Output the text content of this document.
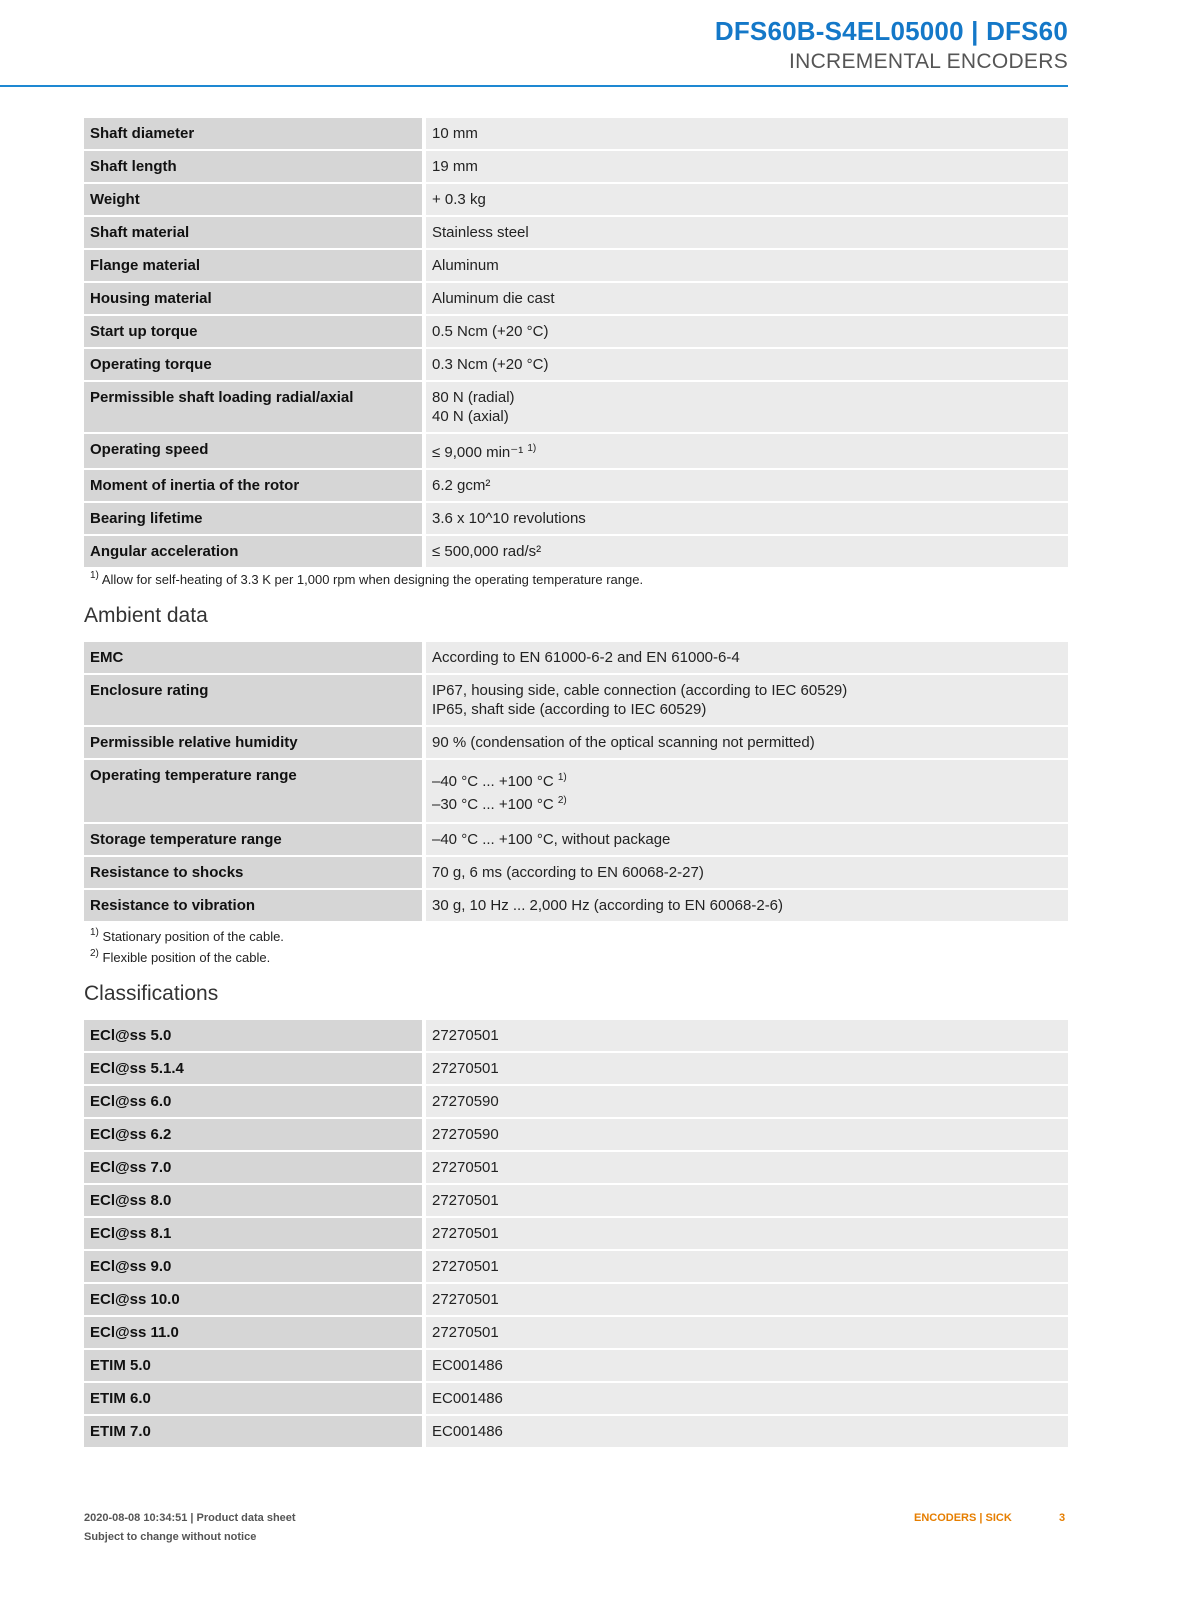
DFS60B-S4EL05000 | DFS60
INCREMENTAL ENCODERS
Shaft diameter	10 mm
Shaft length	19 mm
Weight	+ 0.3 kg
Shaft material	Stainless steel
Flange material	Aluminum
Housing material	Aluminum die cast
Start up torque	0.5 Ncm (+20 °C)
Operating torque	0.3 Ncm (+20 °C)
Permissible shaft loading radial/axial	80 N (radial)
40 N (axial)

Operating speed	≤ 9,000 min⁻¹ $^{1)}$
Moment of inertia of the rotor	6.2 gcm²
Bearing lifetime	3.6 x 10^10 revolutions
Angular acceleration	≤ 500,000 rad/s²
$^{1)}$ Allow for self-heating of 3.3 K per 1,000 rpm when designing the operating temperature range.
Ambient data
EMC	According to EN 61000-6-2 and EN 61000-6-4
Enclosure rating	IP67, housing side, cable connection (according to IEC 60529)
IP65, shaft side (according to IEC 60529)

Permissible relative humidity	90 % (condensation of the optical scanning not permitted)
Operating temperature range	–40 °C ... +100 °C $^{1)}$
–30 °C ... +100 °C $^{2)}$

Storage temperature range	–40 °C ... +100 °C, without package
Resistance to shocks	70 g, 6 ms (according to EN 60068-2-27)
Resistance to vibration	30 g, 10 Hz ... 2,000 Hz (according to EN 60068-2-6)
$^{1)}$ Stationary position of the cable.
$^{2)}$ Flexible position of the cable.
Classifications
ECl@ss 5.0	27270501
ECl@ss 5.1.4	27270501
ECl@ss 6.0	27270590
ECl@ss 6.2	27270590
ECl@ss 7.0	27270501
ECl@ss 8.0	27270501
ECl@ss 8.1	27270501
ECl@ss 9.0	27270501
ECl@ss 10.0	27270501
ECl@ss 11.0	27270501
ETIM 5.0	EC001486
ETIM 6.0	EC001486
ETIM 7.0	EC001486
2020-08-08 10:34:51 | Product data sheet
Subject to change without notice
ENCODERS | SICK	3
